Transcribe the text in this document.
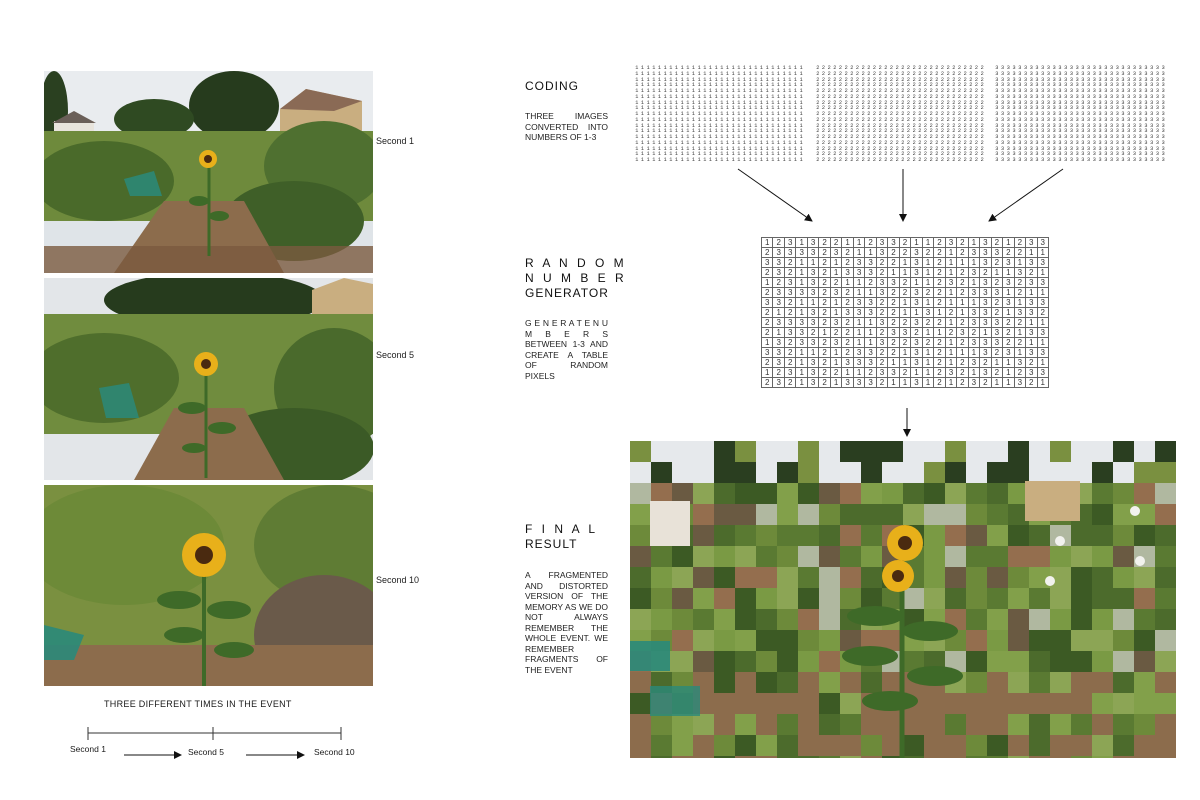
Second 1
Second 5
Second 10
THREE DIFFERENT TIMES IN THE EVENT
Second 1	Second 5	Second 10
CODING
THREE IMAGES CONVERTED INTO NUMBERS OF 1-3
R A N D O M
N U M B E R
GENERATOR
G E N E R A T E N U M B E R S BETWEEN 1-3 AND CREATE A TABLE OF RANDOM PIXELS
F I N A L
RESULT
A FRAGMENTED AND DISTORTED VERSION OF THE MEMORY AS WE DO NOT ALWAYS REMEMBER THE WHOLE EVENT. WE REMEMBER FRAGMENTS OF THE EVENT
1 1 1 1 1 1 1 1 1 1 1 1 1 1 1 1 1 1 1 1 1 1 1 1 1 1 1 1 1 1
1 1 1 1 1 1 1 1 1 1 1 1 1 1 1 1 1 1 1 1 1 1 1 1 1 1 1 1 1 1
1 1 1 1 1 1 1 1 1 1 1 1 1 1 1 1 1 1 1 1 1 1 1 1 1 1 1 1 1 1
1 1 1 1 1 1 1 1 1 1 1 1 1 1 1 1 1 1 1 1 1 1 1 1 1 1 1 1 1 1
1 1 1 1 1 1 1 1 1 1 1 1 1 1 1 1 1 1 1 1 1 1 1 1 1 1 1 1 1 1
1 1 1 1 1 1 1 1 1 1 1 1 1 1 1 1 1 1 1 1 1 1 1 1 1 1 1 1 1 1
1 1 1 1 1 1 1 1 1 1 1 1 1 1 1 1 1 1 1 1 1 1 1 1 1 1 1 1 1 1
1 1 1 1 1 1 1 1 1 1 1 1 1 1 1 1 1 1 1 1 1 1 1 1 1 1 1 1 1 1
1 1 1 1 1 1 1 1 1 1 1 1 1 1 1 1 1 1 1 1 1 1 1 1 1 1 1 1 1 1
1 1 1 1 1 1 1 1 1 1 1 1 1 1 1 1 1 1 1 1 1 1 1 1 1 1 1 1 1 1
1 1 1 1 1 1 1 1 1 1 1 1 1 1 1 1 1 1 1 1 1 1 1 1 1 1 1 1 1 1
1 1 1 1 1 1 1 1 1 1 1 1 1 1 1 1 1 1 1 1 1 1 1 1 1 1 1 1 1 1
1 1 1 1 1 1 1 1 1 1 1 1 1 1 1 1 1 1 1 1 1 1 1 1 1 1 1 1 1 1
1 1 1 1 1 1 1 1 1 1 1 1 1 1 1 1 1 1 1 1 1 1 1 1 1 1 1 1 1 1
1 1 1 1 1 1 1 1 1 1 1 1 1 1 1 1 1 1 1 1 1 1 1 1 1 1 1 1 1 1
1 1 1 1 1 1 1 1 1 1 1 1 1 1 1 1 1 1 1 1 1 1 1 1 1 1 1 1 1 1
1 1 1 1 1 1 1 1 1 1 1 1 1 1 1 1 1 1 1 1 1 1 1 1 1 1 1 1 1 1
2 2 2 2 2 2 2 2 2 2 2 2 2 2 2 2 2 2 2 2 2 2 2 2 2 2 2 2 2 2
2 2 2 2 2 2 2 2 2 2 2 2 2 2 2 2 2 2 2 2 2 2 2 2 2 2 2 2 2 2
2 2 2 2 2 2 2 2 2 2 2 2 2 2 2 2 2 2 2 2 2 2 2 2 2 2 2 2 2 2
2 2 2 2 2 2 2 2 2 2 2 2 2 2 2 2 2 2 2 2 2 2 2 2 2 2 2 2 2 2
2 2 2 2 2 2 2 2 2 2 2 2 2 2 2 2 2 2 2 2 2 2 2 2 2 2 2 2 2 2
2 2 2 2 2 2 2 2 2 2 2 2 2 2 2 2 2 2 2 2 2 2 2 2 2 2 2 2 2 2
2 2 2 2 2 2 2 2 2 2 2 2 2 2 2 2 2 2 2 2 2 2 2 2 2 2 2 2 2 2
2 2 2 2 2 2 2 2 2 2 2 2 2 2 2 2 2 2 2 2 2 2 2 2 2 2 2 2 2 2
2 2 2 2 2 2 2 2 2 2 2 2 2 2 2 2 2 2 2 2 2 2 2 2 2 2 2 2 2 2
2 2 2 2 2 2 2 2 2 2 2 2 2 2 2 2 2 2 2 2 2 2 2 2 2 2 2 2 2 2
2 2 2 2 2 2 2 2 2 2 2 2 2 2 2 2 2 2 2 2 2 2 2 2 2 2 2 2 2 2
2 2 2 2 2 2 2 2 2 2 2 2 2 2 2 2 2 2 2 2 2 2 2 2 2 2 2 2 2 2
2 2 2 2 2 2 2 2 2 2 2 2 2 2 2 2 2 2 2 2 2 2 2 2 2 2 2 2 2 2
2 2 2 2 2 2 2 2 2 2 2 2 2 2 2 2 2 2 2 2 2 2 2 2 2 2 2 2 2 2
2 2 2 2 2 2 2 2 2 2 2 2 2 2 2 2 2 2 2 2 2 2 2 2 2 2 2 2 2 2
2 2 2 2 2 2 2 2 2 2 2 2 2 2 2 2 2 2 2 2 2 2 2 2 2 2 2 2 2 2
2 2 2 2 2 2 2 2 2 2 2 2 2 2 2 2 2 2 2 2 2 2 2 2 2 2 2 2 2 2
3 3 3 3 3 3 3 3 3 3 3 3 3 3 3 3 3 3 3 3 3 3 3 3 3 3 3 3 3 3
3 3 3 3 3 3 3 3 3 3 3 3 3 3 3 3 3 3 3 3 3 3 3 3 3 3 3 3 3 3
3 3 3 3 3 3 3 3 3 3 3 3 3 3 3 3 3 3 3 3 3 3 3 3 3 3 3 3 3 3
3 3 3 3 3 3 3 3 3 3 3 3 3 3 3 3 3 3 3 3 3 3 3 3 3 3 3 3 3 3
3 3 3 3 3 3 3 3 3 3 3 3 3 3 3 3 3 3 3 3 3 3 3 3 3 3 3 3 3 3
3 3 3 3 3 3 3 3 3 3 3 3 3 3 3 3 3 3 3 3 3 3 3 3 3 3 3 3 3 3
3 3 3 3 3 3 3 3 3 3 3 3 3 3 3 3 3 3 3 3 3 3 3 3 3 3 3 3 3 3
3 3 3 3 3 3 3 3 3 3 3 3 3 3 3 3 3 3 3 3 3 3 3 3 3 3 3 3 3 3
3 3 3 3 3 3 3 3 3 3 3 3 3 3 3 3 3 3 3 3 3 3 3 3 3 3 3 3 3 3
3 3 3 3 3 3 3 3 3 3 3 3 3 3 3 3 3 3 3 3 3 3 3 3 3 3 3 3 3 3
3 3 3 3 3 3 3 3 3 3 3 3 3 3 3 3 3 3 3 3 3 3 3 3 3 3 3 3 3 3
3 3 3 3 3 3 3 3 3 3 3 3 3 3 3 3 3 3 3 3 3 3 3 3 3 3 3 3 3 3
3 3 3 3 3 3 3 3 3 3 3 3 3 3 3 3 3 3 3 3 3 3 3 3 3 3 3 3 3 3
3 3 3 3 3 3 3 3 3 3 3 3 3 3 3 3 3 3 3 3 3 3 3 3 3 3 3 3 3 3
3 3 3 3 3 3 3 3 3 3 3 3 3 3 3 3 3 3 3 3 3 3 3 3 3 3 3 3 3 3
3 3 3 3 3 3 3 3 3 3 3 3 3 3 3 3 3 3 3 3 3 3 3 3 3 3 3 3 3 3
3 3 3 3 3 3 3 3 3 3 3 3 3 3 3 3 3 3 3 3 3 3 3 3 3 3 3 3 3 3
1 2 3 1 3 2 2 1 1 2 3 3 2 1 1 2 3 2 1 3 2 1 2 3 3
2 3 3 3 3 2 3 2 1 1 3 2 2 3 2 2 1 2 3 3 3 2 2 1 1
3 3 2 1 1 2 1 2 3 3 2 2 1 3 1 2 1 1 1 3 2 3 1 3 3
2 3 2 1 3 2 1 3 3 3 2 1 1 3 1 2 1 2 3 2 1 1 3 2 1
1 2 3 1 3 2 2 1 1 2 3 3 2 1 1 2 3 2 1 3 2 3 2 3 3
2 3 3 3 3 2 3 2 1 1 3 2 2 3 2 2 1 2 3 3 3 1 2 1 1
3 3 2 1 1 2 1 2 3 3 2 2 1 3 1 2 1 1 1 3 2 3 1 3 3
2 1 2 1 3 2 1 3 3 3 2 2 1 1 3 1 2 1 3 3 2 1 3 3 2
2 3 3 3 3 2 3 2 1 1 3 2 2 3 2 2 1 2 3 3 3 2 2 1 1
2 1 3 3 2 1 2 2 1 1 2 3 3 2 1 1 2 3 2 1 3 2 1 3 3
1 3 2 3 3 2 3 2 1 1 3 2 2 3 2 2 1 2 3 3 3 2 2 1 1
3 3 2 1 1 2 1 2 3 3 2 2 1 3 1 2 1 1 1 3 2 3 1 3 3
2 3 2 1 3 2 1 3 3 3 2 1 1 3 1 2 1 2 3 2 1 1 3 2 1
1 2 3 1 3 2 2 1 1 2 3 3 2 1 1 2 3 2 1 3 2 1 2 3 3
2 3 2 1 3 2 1 3 3 3 2 1 1 3 1 2 1 2 3 2 1 1 3 2 1
